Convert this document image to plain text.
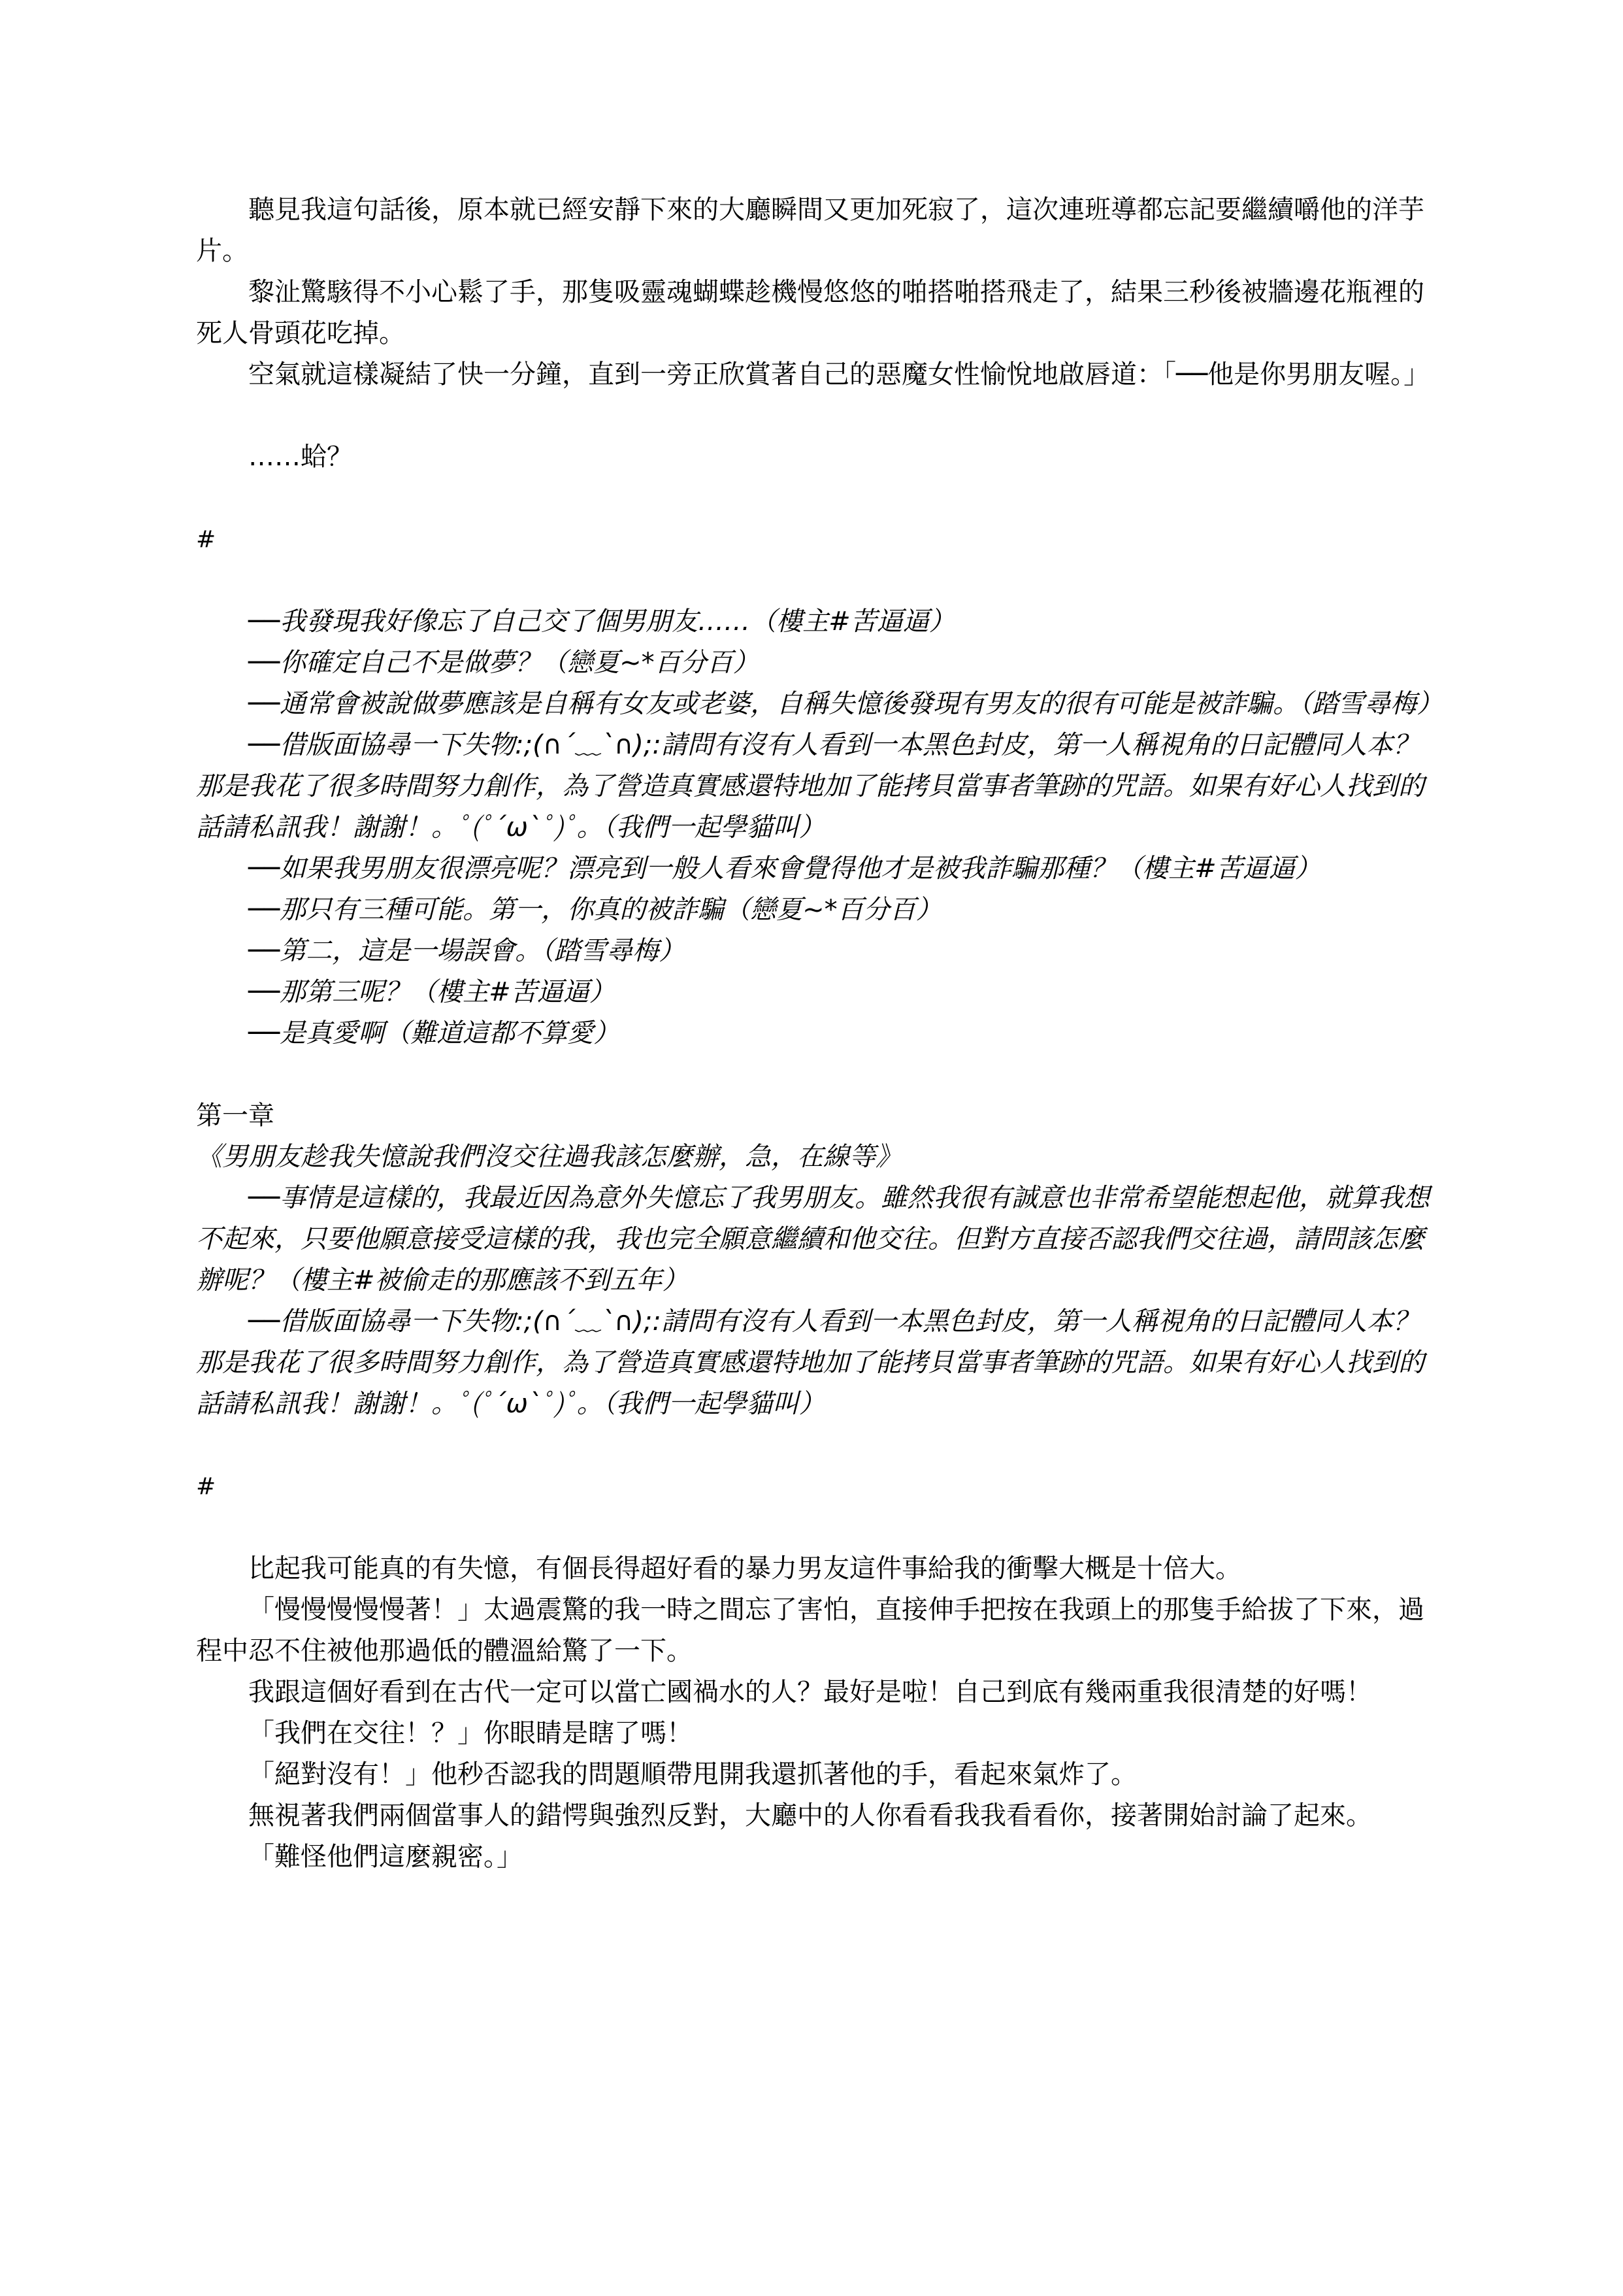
聽見我這句話後，原本就已經安靜下來的大廳瞬間又更加死寂了，這次連班導都忘記要繼續嚼他的洋芋片。

黎沚驚駭得不小心鬆了手，那隻吸靈魂蝴蝶趁機慢悠悠的啪搭啪搭飛走了，結果三秒後被牆邊花瓶裡的死人骨頭花吃掉。

空氣就這樣凝結了快一分鐘，直到一旁正欣賞著自己的惡魔女性愉悅地啟唇道：「──他是你男朋友喔。」

……蛤？

#

──我發現我好像忘了自己交了個男朋友……（樓主#苦逼逼）

──你確定自己不是做夢？（戀夏~*百分百）

──通常會被說做夢應該是自稱有女友或老婆，自稱失憶後發現有男友的很有可能是被詐騙。（踏雪尋梅）

──借版面協尋一下失物:;(∩´﹏`∩);:請問有沒有人看到一本黑色封皮，第一人稱視角的日記體同人本？那是我花了很多時間努力創作，為了營造真實感還特地加了能拷貝當事者筆跡的咒語。如果有好心人找到的話請私訊我！謝謝！。ﾟ(ﾟ´ω`ﾟ)ﾟ。（我們一起學貓叫）

──如果我男朋友很漂亮呢？漂亮到一般人看來會覺得他才是被我詐騙那種？（樓主#苦逼逼）

──那只有三種可能。第一，你真的被詐騙（戀夏~*百分百）

──第二，這是一場誤會。（踏雪尋梅）

──那第三呢？（樓主#苦逼逼）

──是真愛啊（難道這都不算愛）

第一章

《男朋友趁我失憶說我們沒交往過我該怎麼辦，急，在線等》

──事情是這樣的，我最近因為意外失憶忘了我男朋友。雖然我很有誠意也非常希望能想起他，就算我想不起來，只要他願意接受這樣的我，我也完全願意繼續和他交往。但對方直接否認我們交往過，請問該怎麼辦呢？（樓主#被偷走的那應該不到五年）

──借版面協尋一下失物:;(∩´﹏`∩);:請問有沒有人看到一本黑色封皮，第一人稱視角的日記體同人本？那是我花了很多時間努力創作，為了營造真實感還特地加了能拷貝當事者筆跡的咒語。如果有好心人找到的話請私訊我！謝謝！。ﾟ(ﾟ´ω`ﾟ)ﾟ。（我們一起學貓叫）

#

比起我可能真的有失憶，有個長得超好看的暴力男友這件事給我的衝擊大概是十倍大。

「慢慢慢慢慢著！」太過震驚的我一時之間忘了害怕，直接伸手把按在我頭上的那隻手給拔了下來，過程中忍不住被他那過低的體溫給驚了一下。

我跟這個好看到在古代一定可以當亡國禍水的人？最好是啦！自己到底有幾兩重我很清楚的好嗎！

「我們在交往！？」你眼睛是瞎了嗎！

「絕對沒有！」他秒否認我的問題順帶甩開我還抓著他的手，看起來氣炸了。

無視著我們兩個當事人的錯愕與強烈反對，大廳中的人你看看我我看看你，接著開始討論了起來。

「難怪他們這麼親密。」
